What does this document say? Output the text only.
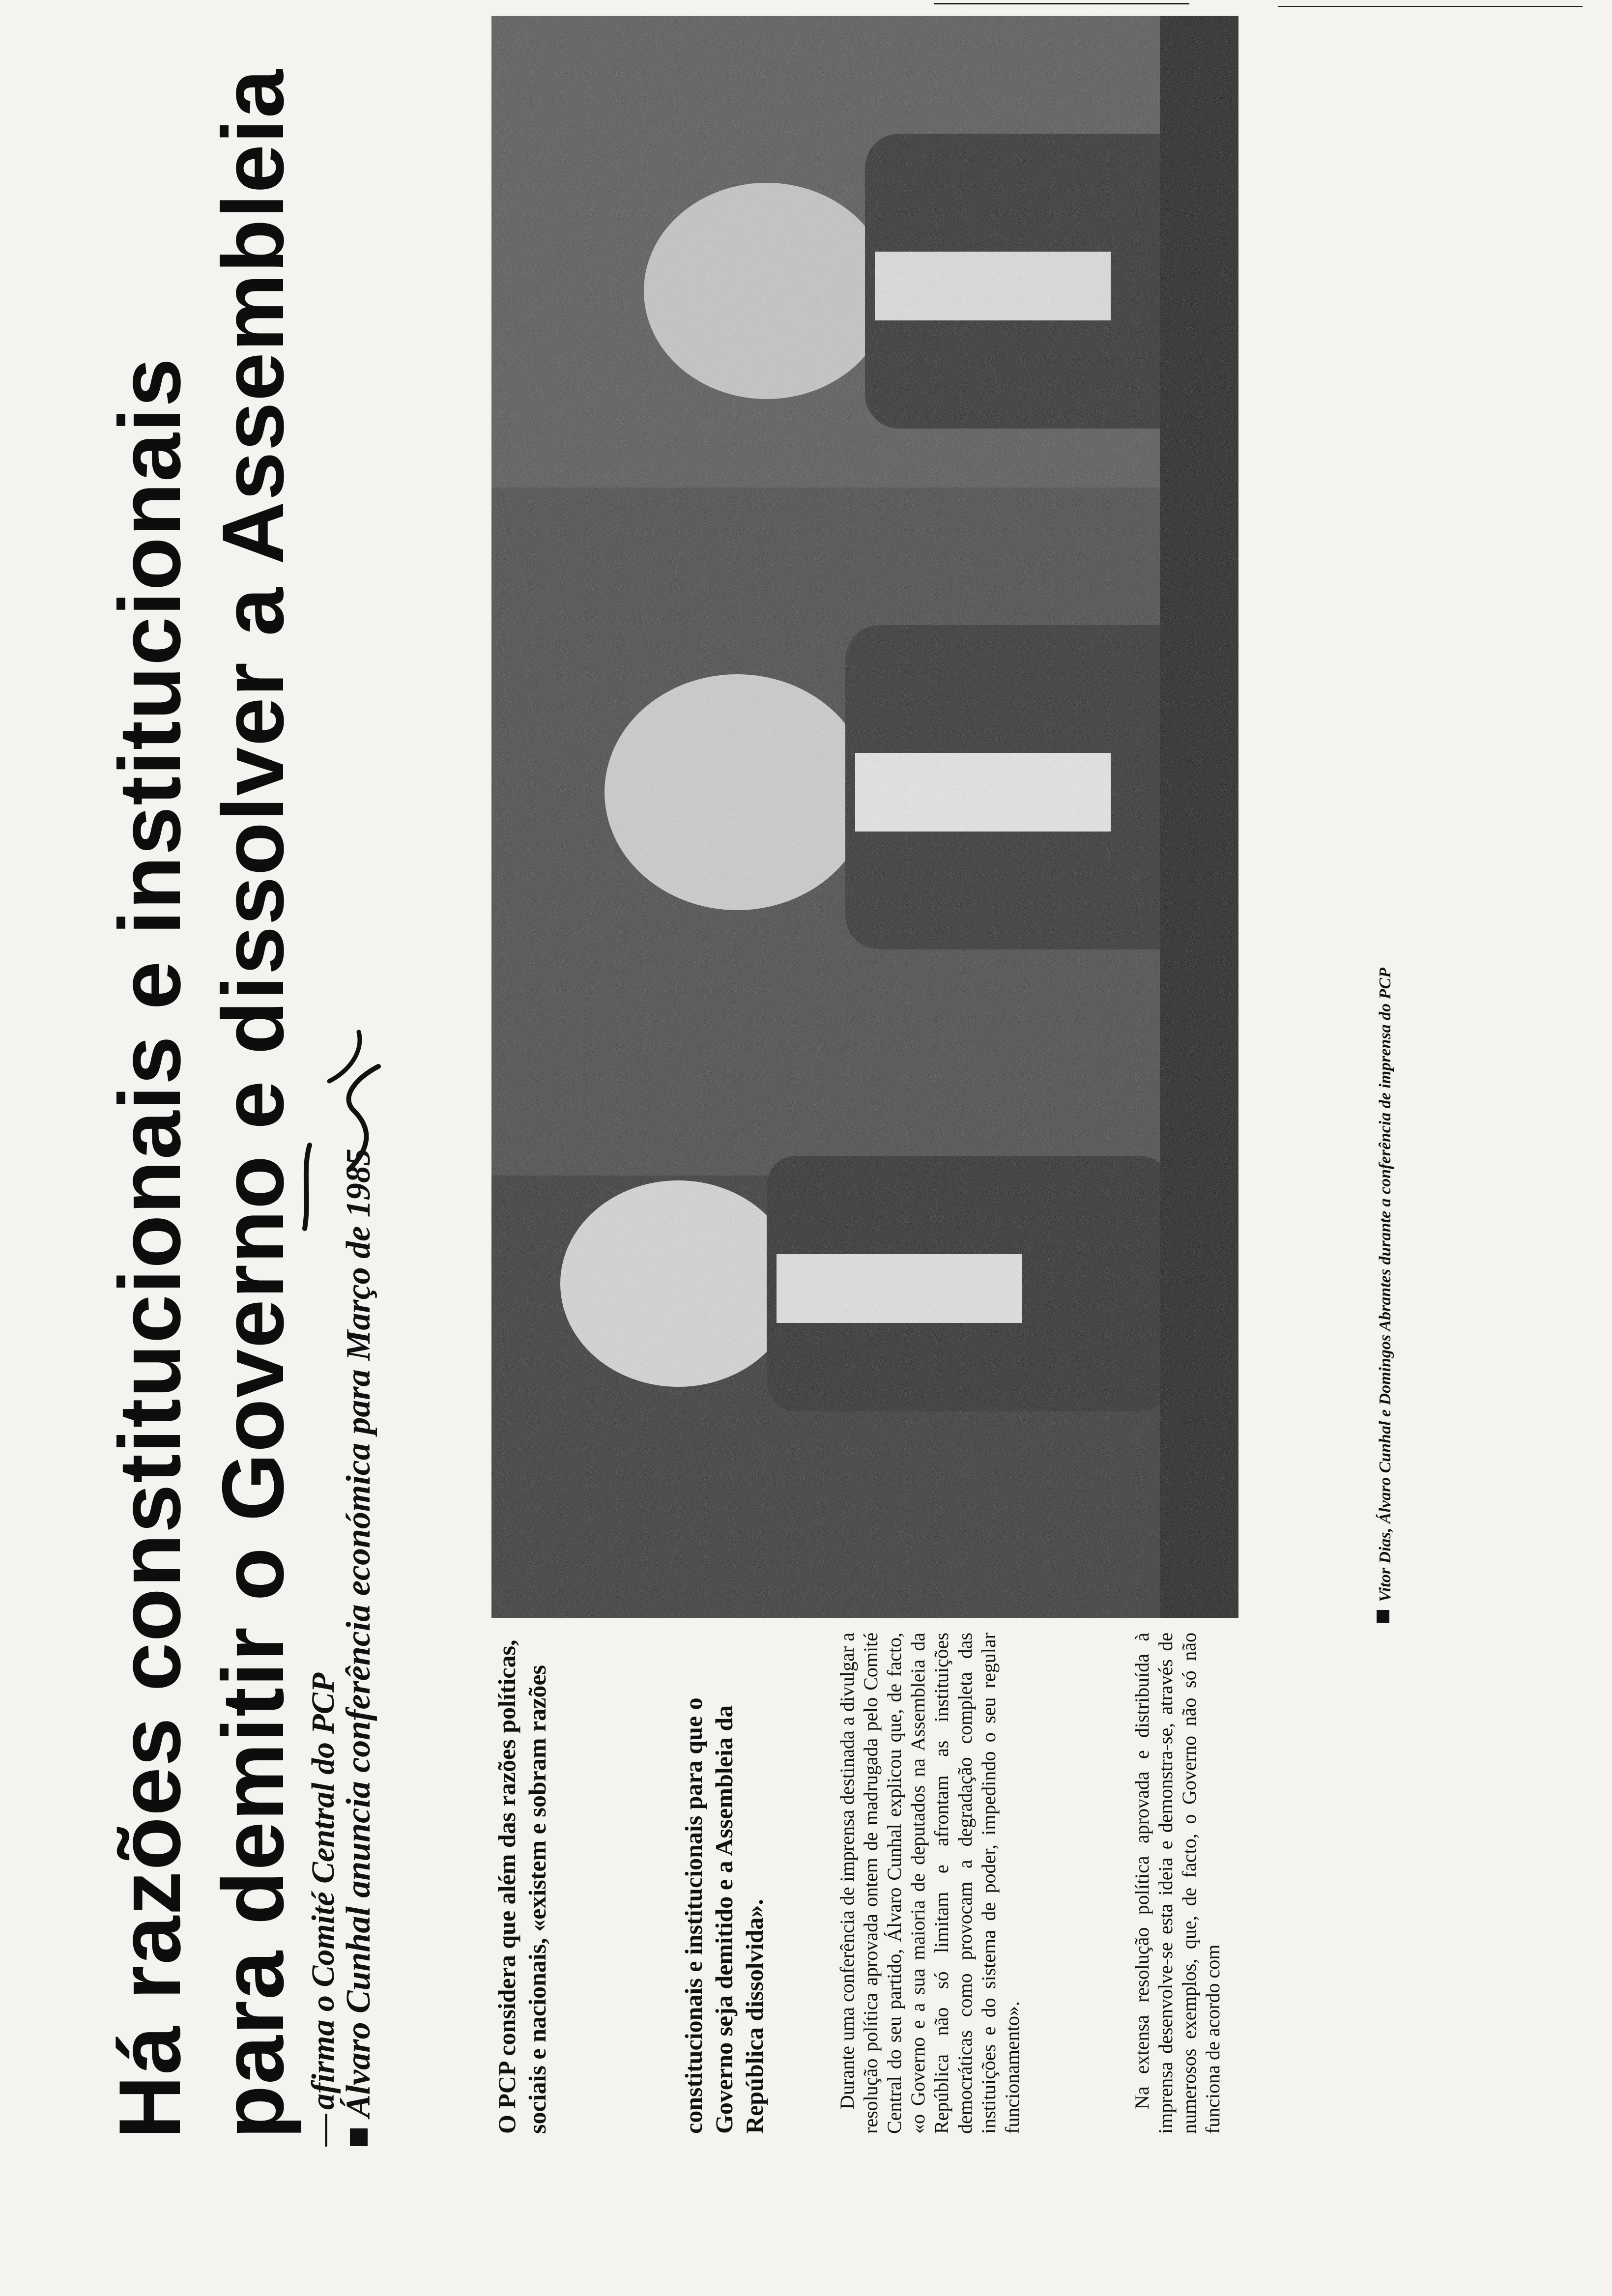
Há razões constitucionais e institucionais para demitir o Governo e dissolver a Assembleia —afirma o Comité Central do PCP
Álvaro Cunhal anuncia conferência económica para Março de 1985	O PCP considera que além das razões políticas, sociais e nacionais, «existem e sobram razões	constitucionais e institucionais para que o Governo seja demitido e a Assembleia da República dissolvida».	Durante uma conferência de imprensa destinada a divulgar a resolução política aprovada ontem de madrugada pelo Comité Central do seu partido, Álvaro Cunhal explicou que, de facto, «o Governo e a sua maioria de deputados na Assembleia da República não só limitam e afrontam as instituições democráticas como provocam a degradação completa das instituições e do sistema de poder, impedindo o seu regular funcionamento».	Na extensa resolução política aprovada e distribuída à imprensa desenvolve-se esta ideia e demonstra-se, através de numerosos exemplos, que, de facto, o Governo não só não funciona de acordo com

Vitor Dias, Álvaro Cunhal e Domingos Abrantes durante a conferência de imprensa do PCP
